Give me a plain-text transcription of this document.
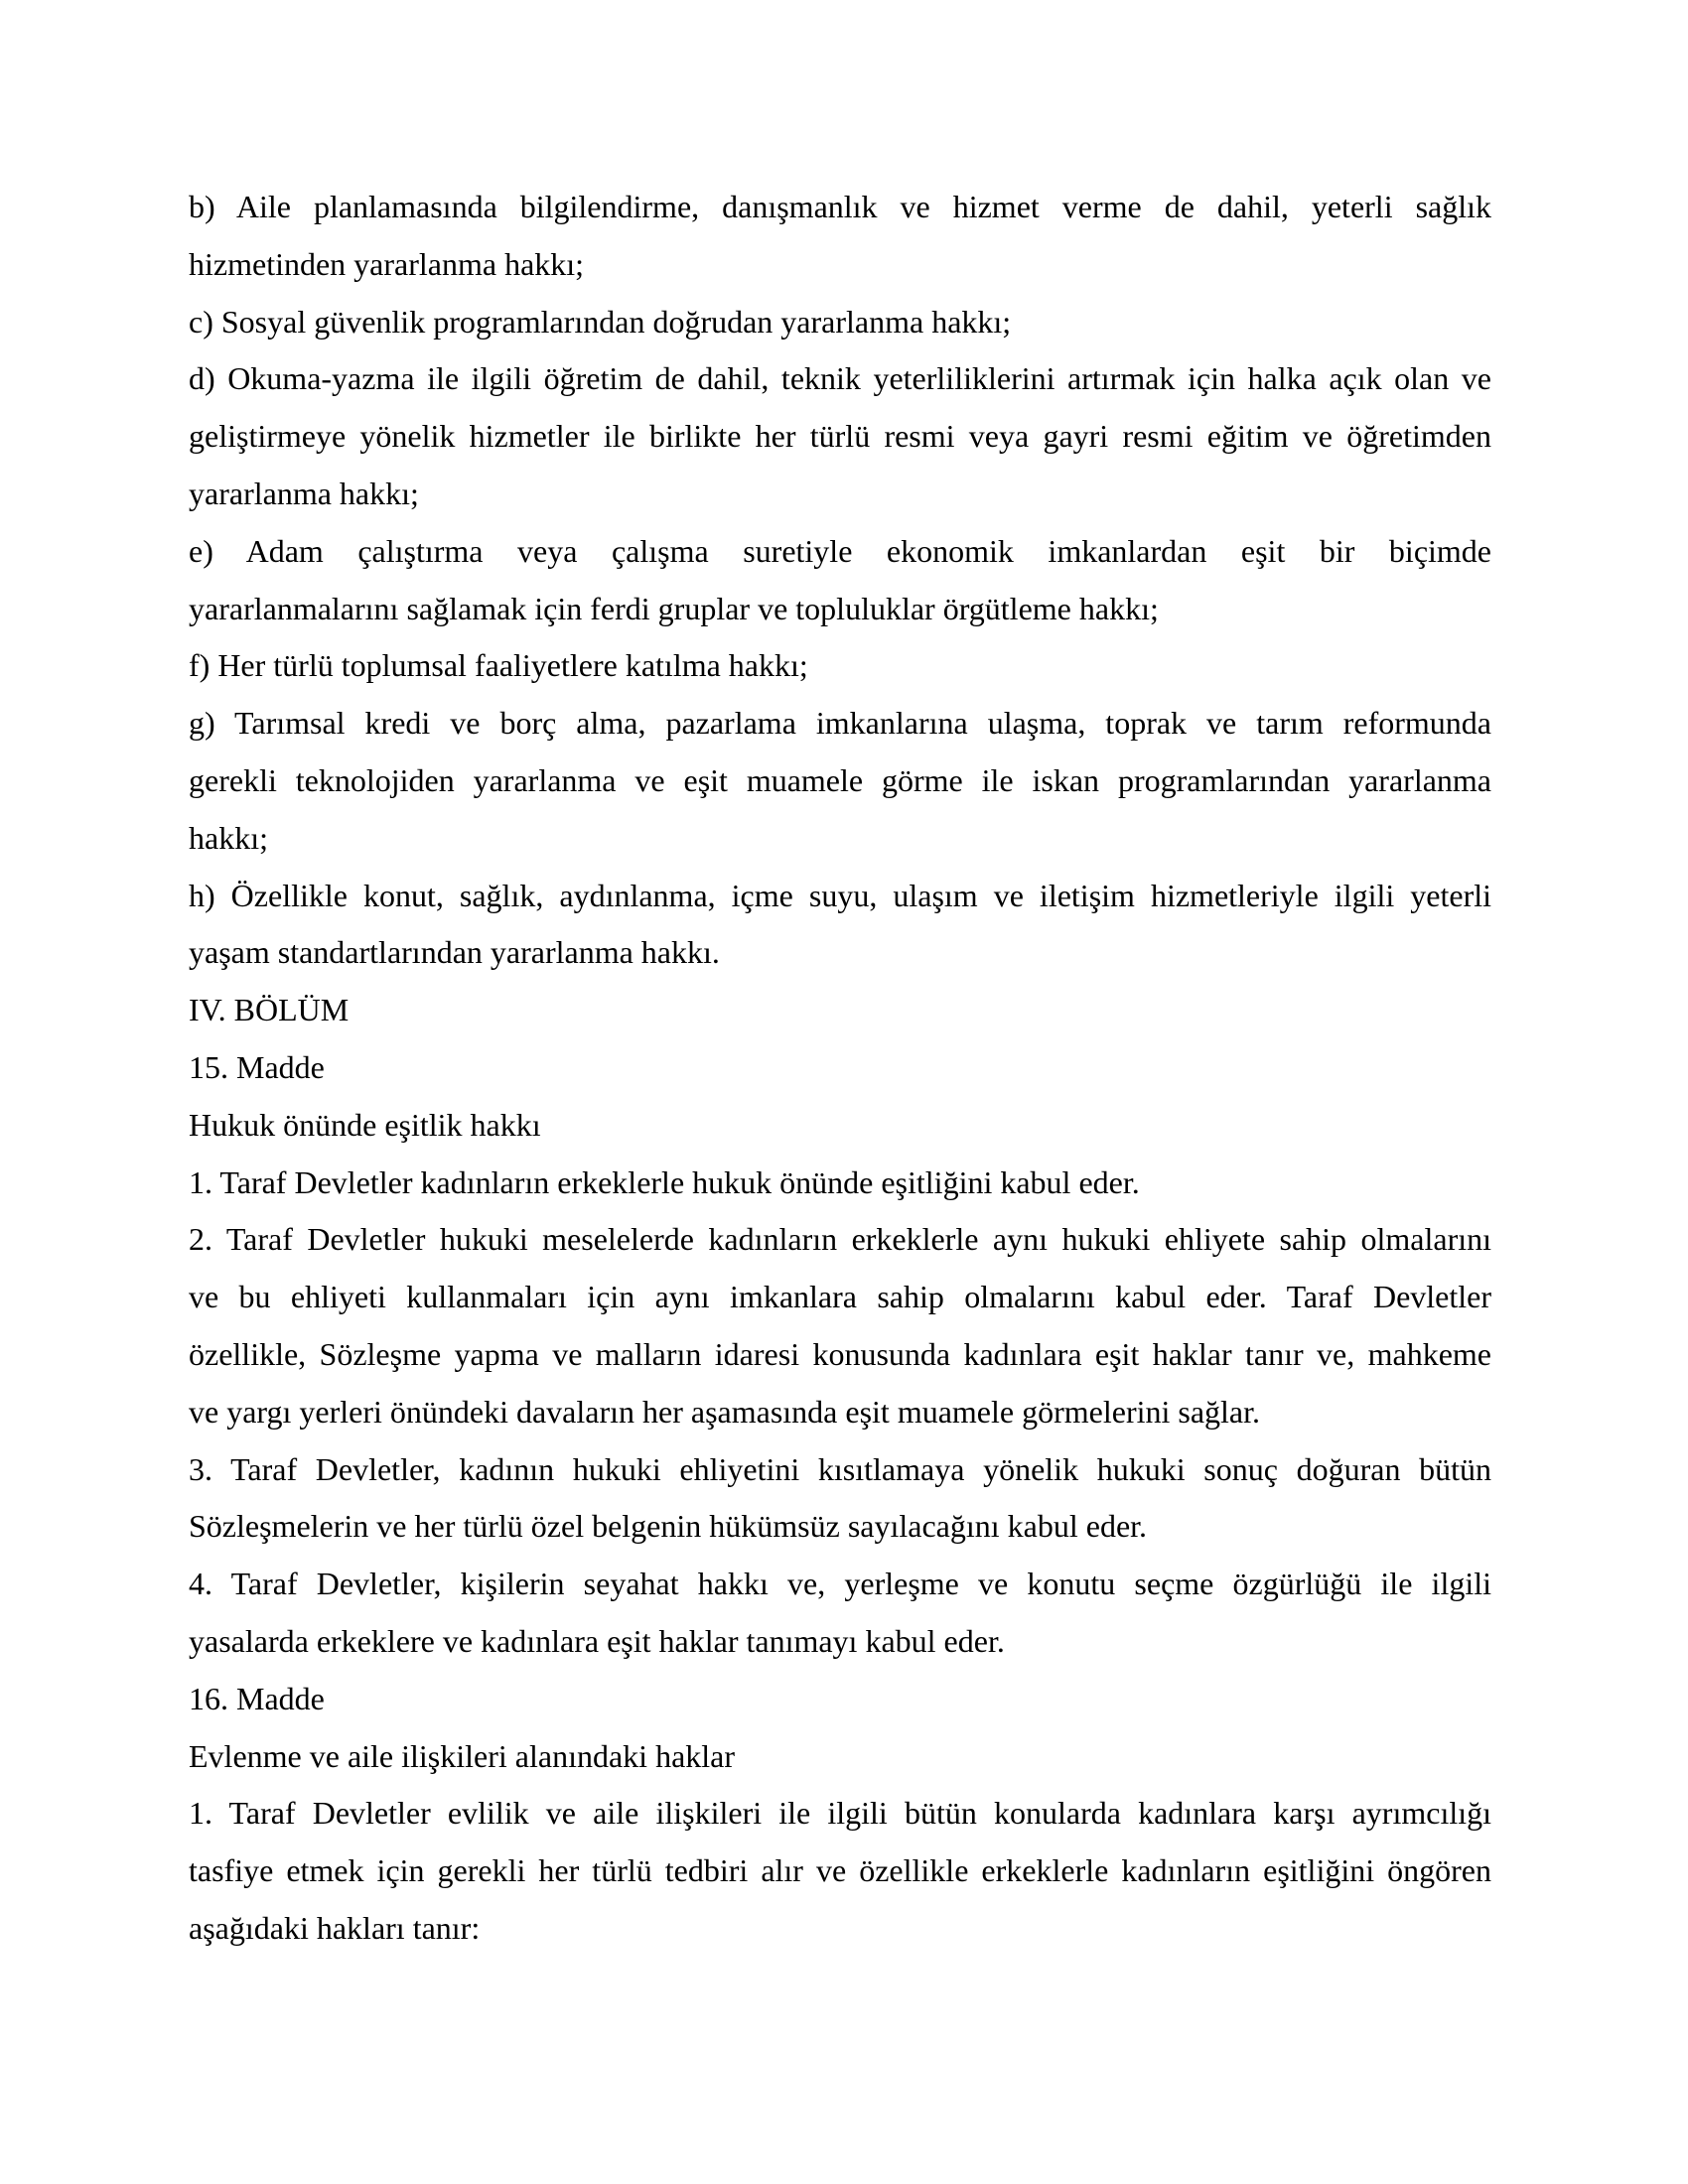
b) Aile planlamasında bilgilendirme, danışmanlık ve hizmet verme de dahil, yeterli sağlık
hizmetinden yararlanma hakkı;
c) Sosyal güvenlik programlarından doğrudan yararlanma hakkı;
d) Okuma-yazma ile ilgili öğretim de dahil, teknik yeterliliklerini artırmak için halka açık olan ve
geliştirmeye yönelik hizmetler ile birlikte her türlü resmi veya gayri resmi eğitim ve öğretimden
yararlanma hakkı;
e) Adam çalıştırma veya çalışma suretiyle ekonomik imkanlardan eşit bir biçimde
yararlanmalarını sağlamak için ferdi gruplar ve topluluklar örgütleme hakkı;
f) Her türlü toplumsal faaliyetlere katılma hakkı;
g) Tarımsal kredi ve borç alma, pazarlama imkanlarına ulaşma, toprak ve tarım reformunda
gerekli teknolojiden yararlanma ve eşit muamele görme ile iskan programlarından yararlanma
hakkı;
h) Özellikle konut, sağlık, aydınlanma, içme suyu, ulaşım ve iletişim hizmetleriyle ilgili yeterli
yaşam standartlarından yararlanma hakkı.
IV. BÖLÜM
15. Madde
Hukuk önünde eşitlik hakkı
1. Taraf Devletler kadınların erkeklerle hukuk önünde eşitliğini kabul eder.
2. Taraf Devletler hukuki meselelerde kadınların erkeklerle aynı hukuki ehliyete sahip olmalarını
ve bu ehliyeti kullanmaları için aynı imkanlara sahip olmalarını kabul eder. Taraf Devletler
özellikle, Sözleşme yapma ve malların idaresi konusunda kadınlara eşit haklar tanır ve, mahkeme
ve yargı yerleri önündeki davaların her aşamasında eşit muamele görmelerini sağlar.
3. Taraf Devletler, kadının hukuki ehliyetini kısıtlamaya yönelik hukuki sonuç doğuran bütün
Sözleşmelerin ve her türlü özel belgenin hükümsüz sayılacağını kabul eder.
4. Taraf Devletler, kişilerin seyahat hakkı ve, yerleşme ve konutu seçme özgürlüğü ile ilgili
yasalarda erkeklere ve kadınlara eşit haklar tanımayı kabul eder.
16. Madde
Evlenme ve aile ilişkileri alanındaki haklar
1. Taraf Devletler evlilik ve aile ilişkileri ile ilgili bütün konularda kadınlara karşı ayrımcılığı
tasfiye etmek için gerekli her türlü tedbiri alır ve özellikle erkeklerle kadınların eşitliğini öngören
aşağıdaki hakları tanır:
